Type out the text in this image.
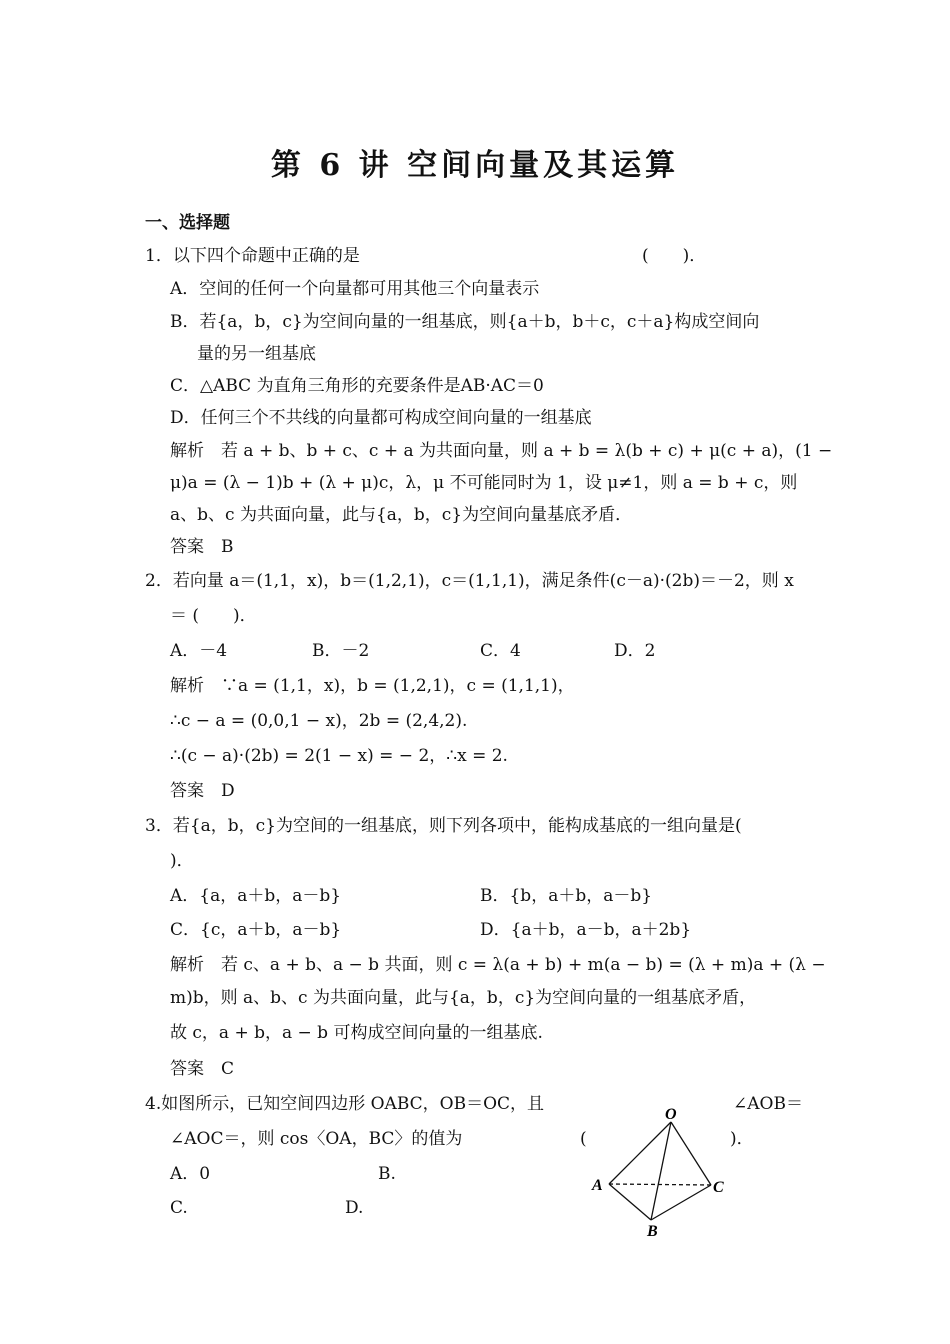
第 6 讲 空间向量及其运算
一、选择题
1．以下四个命题中正确的是	(　　)．
A．空间的任何一个向量都可用其他三个向量表示
B．若{a，b，c}为空间向量的一组基底，则{a＋b，b＋c，c＋a}构成空间向
量的另一组基底
C．△ABC 为直角三角形的充要条件是AB·AC＝0
D．任何三个不共线的向量都可构成空间向量的一组基底
解析　若 a + b、b + c、c + a 为共面向量，则 a + b = λ(b + c) + μ(c + a)，(1 −
μ)a = (λ − 1)b + (λ + μ)c，λ，μ 不可能同时为 1，设 μ≠1，则 a = b + c，则
a、b、c 为共面向量，此与{a，b，c}为空间向量基底矛盾．
答案　B
2．若向量 a＝(1,1，x)，b＝(1,2,1)，c＝(1,1,1)，满足条件(c－a)·(2b)＝－2，则 x
＝ (　　)．
A．－4	B．－2	C．4	D．2
解析　∵a = (1,1，x)，b = (1,2,1)，c = (1,1,1)，
∴c − a = (0,0,1 − x)，2b = (2,4,2).
∴(c − a)·(2b) = 2(1 − x) = − 2，∴x = 2.
答案　D
3．若{a，b，c}为空间的一组基底，则下列各项中，能构成基底的一组向量是(
)．
A．{a，a＋b，a－b}	B．{b，a＋b，a－b}
C．{c，a＋b，a－b}	D．{a＋b，a－b，a＋2b}
解析　若 c、a + b、a − b 共面，则 c = λ(a + b) + m(a − b) = (λ + m)a + (λ −
m)b，则 a、b、c 为共面向量，此与{a，b，c}为空间向量的一组基底矛盾，
故 c，a + b，a − b 可构成空间向量的一组基底.
答案　C
4.如图所示，已知空间四边形 OABC，OB＝OC，且	∠AOB＝
∠AOC＝，则 cos〈OA，BC〉的值为	(	)．
A．0	B.
C.	D.
O
A
B
C
